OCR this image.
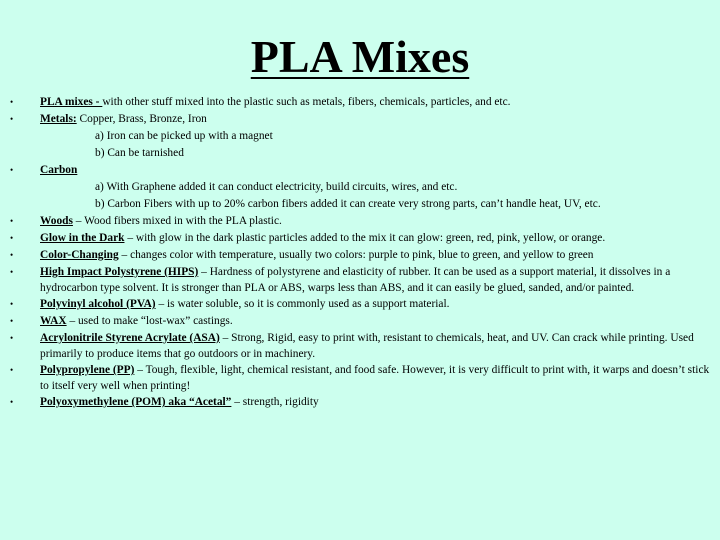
PLA Mixes
•	PLA mixes - with other stuff mixed into the plastic such as metals, fibers, chemicals, particles, and etc.
•	Metals: Copper, Brass, Bronze, Iron
a) Iron can be picked up with a magnet
b) Can be tarnished
•	Carbon
a) With Graphene added it can conduct electricity, build circuits, wires, and etc.
b) Carbon Fibers with up to 20% carbon fibers added it can create very strong parts, can’t handle heat, UV, etc.
•	Woods – Wood fibers mixed in with the PLA plastic.
•	Glow in the Dark – with glow in the dark plastic particles added to the mix it can glow: green, red, pink, yellow, or orange.
•	Color-Changing – changes color with temperature, usually two colors: purple to pink, blue to green, and yellow to green
•	High Impact Polystyrene (HIPS) – Hardness of polystyrene and elasticity of rubber. It can be used as a support material, it dissolves in a hydrocarbon type solvent. It is stronger than PLA or ABS, warps less than ABS, and it can easily be glued, sanded, and/or painted.
•	Polyvinyl alcohol (PVA) – is water soluble, so it is commonly used as a support material.
•	WAX – used to make “lost-wax” castings.
•	Acrylonitrile Styrene Acrylate (ASA) – Strong, Rigid, easy to print with, resistant to chemicals, heat, and UV. Can crack while printing. Used primarily to produce items that go outdoors or in machinery.
•	Polypropylene (PP) – Tough, flexible, light, chemical resistant, and food safe. However, it is very difficult to print with, it warps and doesn’t stick to itself very well when printing!
•	Polyoxymethylene (POM) aka “Acetal” – strength, rigidity
